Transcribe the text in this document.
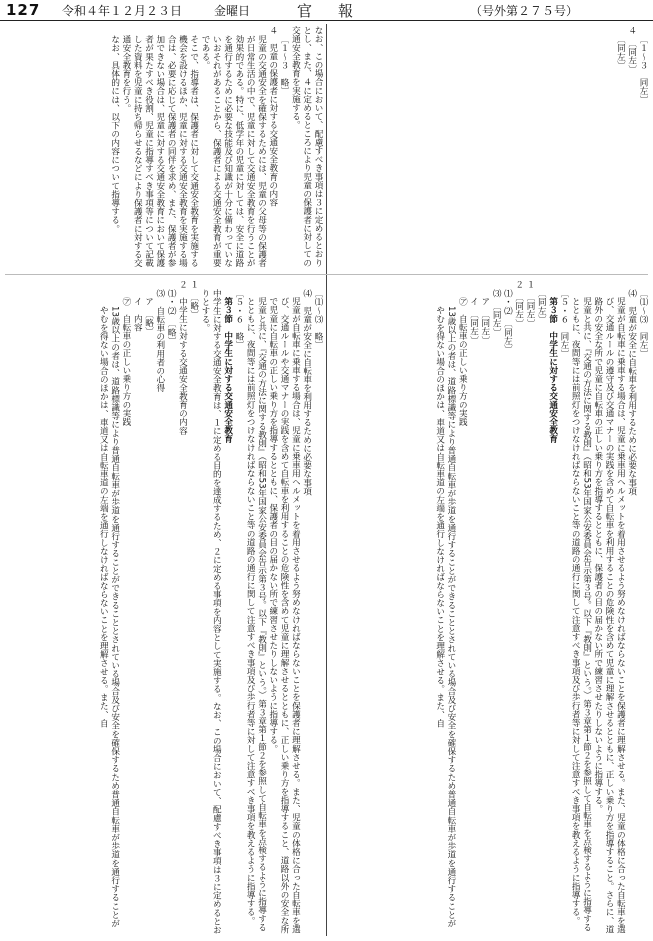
127 令和４年１２月２３日	金曜日	官報	（号外第２７５号）

なお、この場合において、配慮すべき事項は３に定めるとおりとし、また、４に定めるところにより児童の保護者に対しての交通安全教育を実施する。

〔１～３　略〕

４　児童の保護者に対する交通安全教育の内容

児童の交通安全を確保するためには、児童の父母等の保護者が日常生活の中で、児童に対して交通安全教育を行うことが効果的である。特に、低学年の児童に対しては、安全に道路を通行するために必要な技能及び知識が十分に備わっていないおそれがあることから、保護者による交通安全教育が重要である。

そこで、指導者は、保護者に対して交通安全教育を実施する機会を設けるほか、児童に対する交通安全教育を実施する場合は、必要に応じて保護者の同伴を求め、また、保護者が参加できない場合は、児童に対する交通安全教育において保護者が果たすべき役割、児童に指導すべき事項等について記載した資料を児童に持ち帰らせるなどにより保護者に対する交通安全教育を行う。

なお、具体的には、以下の内容について指導する。

〔⑴～⑶　略〕

⑷　児童が安全に自転車を利用するために必要な事項

児童が自転車に乗車する場合は、児童に乗車用ヘルメットを着用させるよう努めなければならないことを保護者に理解させる。また、児童の体格に合った自転車を選び、交通ルールや交通マナーの実践を含めて自転車を利用することの危険性を含めて児童に理解させるとともに、正しい乗り方を指導すること、道路以外の安全な所で児童に自転車の正しい乗り方を指導するとともに、保護者の目の届かない所で練習させたりしないように指導する。

児童と共に、『交通の方法に関する教則』（昭和53年国家公安委員会告示第３号。以下『教則』という。）第３章第１節２を参照して自転車を点検するように指導するとともに、夜間等には前照灯をつけなければならないこと等の道路の通行に関して注意すべき事項及び歩行者等に対して注意すべき事項を教えるように指導する。

〔５・６　略〕

第３節　中学生に対する交通安全教育

中学生に対する交通安全教育は、１に定める目的を達成するため、２に定める事項を内容として実施する。なお、この場合において、配慮すべき事項は３に定めるとおりとする。

１　〔略〕

２　中学生に対する交通安全教育の内容

⑴・⑵　〔略〕

⑶　自転車の利用者の心得

ア　〔略〕

イ　内容

㋐　自転車の正しい乗り方の実践

13歳以上の者は、道路標識等により普通自転車が歩道を通行することができることとされている場合及び安全を確保するため普通自転車が歩道を通行することがやむを得ない場合のほかは、車道又は自転車道の左端を通行しなければならないことを理解させる。また、自

〔１～３　同左〕

４　〔同左〕

〔同左〕

〔⑴～⑶　同左〕

⑷　児童が安全に自転車を利用するために必要な事項

児童が自転車に乗車する場合は、児童に乗車用ヘルメットを着用させるよう努めなければならないことを保護者に理解させる。また、児童の体格に合った自転車を選び、交通ルールの遵守及び交通マナーの実践を含めて自転車を利用することの危険性を含めて児童に理解させるとともに、正しい乗り方を指導すること。さらに、道路外の安全な所で児童に自転車の正しい乗り方を指導するとともに、保護者の目の届かない所で練習させたりしないように指導する。

児童と共に、『交通の方法に関する教則』（昭和53年国家公安委員会告示第３号。以下『教則』という。）第３章第１節２を参照して自転車を点検するように指導するとともに、夜間等には前照灯をつけなければならないこと等の道路の通行に関して注意すべき事項及び歩行者等に対して注意すべき事項を教えるように指導する。

〔５・６　同左〕

第３節　中学生に対する交通安全教育

〔同左〕

１　〔同左〕

２　〔同左〕

⑴・⑵　〔同左〕

⑶　〔同左〕

ア　〔同左〕

イ　〔同左〕

㋐　自転車の正しい乗り方の実践

13歳以上の者は、道路標識等により普通自転車が歩道を通行することができることとされている場合及び安全を確保するため普通自転車が歩道を通行することがやむを得ない場合のほかは、車道又は自転車道の左端を通行しなければならないことを理解させる。また、自
